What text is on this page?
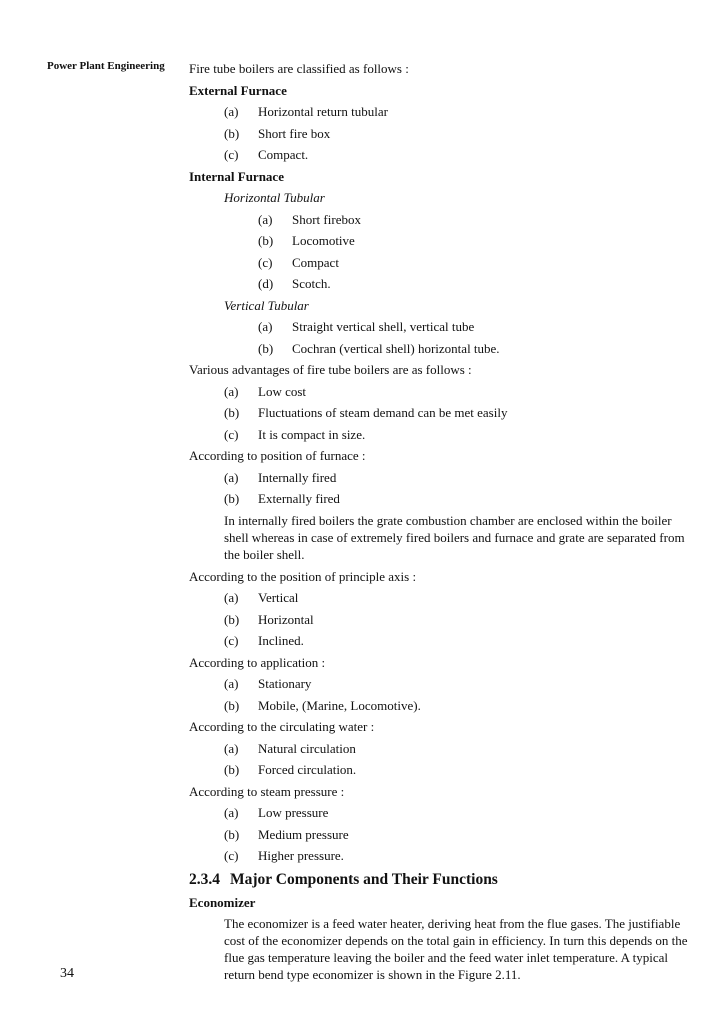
Power Plant Engineering Fire tube boilers are classified as follows :

External Furnace

(a)	Horizontal return tubular
(b)	Short fire box
(c)	Compact.

Internal Furnace

Horizontal Tubular

(a)	Short firebox
(b)	Locomotive
(c)	Compact
(d)	Scotch.

Vertical Tubular

(a)	Straight vertical shell, vertical tube
(b)	Cochran (vertical shell) horizontal tube.

Various advantages of fire tube boilers are as follows :

(a)	Low cost
(b)	Fluctuations of steam demand can be met easily
(c)	It is compact in size.

According to position of furnace :

(a)	Internally fired
(b)	Externally fired

In internally fired boilers the grate combustion chamber are enclosed within the boiler shell whereas in case of extremely fired boilers and furnace and grate are separated from the boiler shell.

According to the position of principle axis :

(a)	Vertical
(b)	Horizontal
(c)	Inclined.

According to application :

(a)	Stationary
(b)	Mobile, (Marine, Locomotive).

According to the circulating water :

(a)	Natural circulation
(b)	Forced circulation.

According to steam pressure :

(a)	Low pressure
(b)	Medium pressure
(c)	Higher pressure.
2.3.4 Major Components and Their Functions

Economizer

The economizer is a feed water heater, deriving heat from the flue gases. The justifiable cost of the economizer depends on the total gain in efficiency. In turn this depends on the flue gas temperature leaving the boiler and the feed water inlet temperature. A typical return bend type economizer is shown in the Figure 2.11.

34
